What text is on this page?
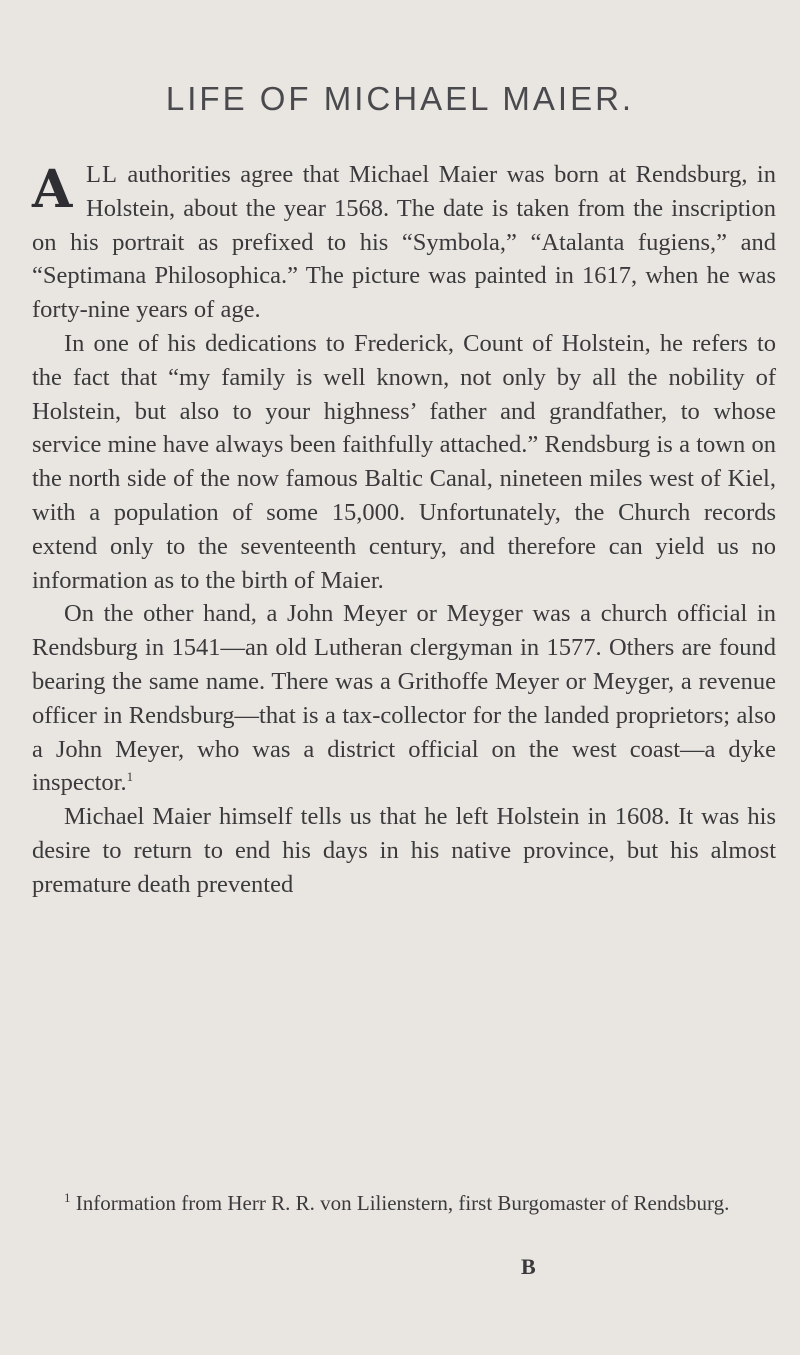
LIFE OF MICHAEL MAIER.

ALL authorities agree that Michael Maier was born at Rendsburg, in Holstein, about the year 1568. The date is taken from the inscription on his portrait as prefixed to his “Symbola,” “Atalanta fugiens,” and “Septimana Philosophica.” The picture was painted in 1617, when he was forty-nine years of age.

In one of his dedications to Frederick, Count of Holstein, he refers to the fact that “my family is well known, not only by all the nobility of Holstein, but also to your highness’ father and grandfather, to whose service mine have always been faithfully attached.” Rendsburg is a town on the north side of the now famous Baltic Canal, nineteen miles west of Kiel, with a population of some 15,000. Unfortunately, the Church records extend only to the seventeenth century, and therefore can yield us no information as to the birth of Maier.

On the other hand, a John Meyer or Meyger was a church official in Rendsburg in 1541—an old Lutheran clergyman in 1577. Others are found bearing the same name. There was a Grithoffe Meyer or Meyger, a revenue officer in Rendsburg—that is a tax-collector for the landed proprietors; also a John Meyer, who was a district official on the west coast—a dyke inspector.$^1$

Michael Maier himself tells us that he left Holstein in 1608. It was his desire to return to end his days in his native province, but his almost premature death prevented

$^1$ Information from Herr R. R. von Lilienstern, first Burgomaster of Rendsburg.

B
